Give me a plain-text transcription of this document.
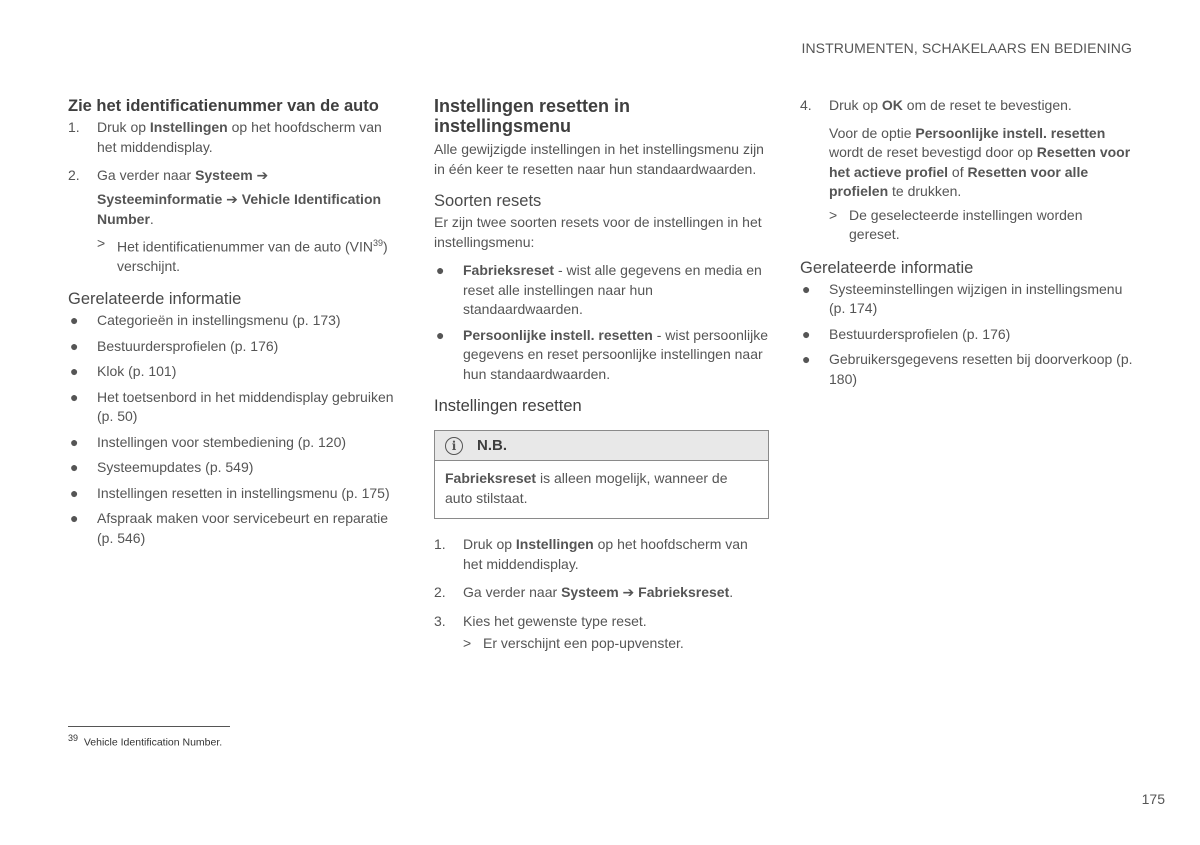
INSTRUMENTEN, SCHAKELAARS EN BEDIENING
Zie het identificatienummer van de auto
1. Druk op Instellingen op het hoofdscherm van het middendisplay.
2. Ga verder naar Systeem ➔
Systeeminformatie ➔ Vehicle Identification Number.
> Het identificatienummer van de auto (VIN$^{39}$) verschijnt.
Gerelateerde informatie
● Categorieën in instellingsmenu (p. 173)
● Bestuurdersprofielen (p. 176)
● Klok (p. 101)
● Het toetsenbord in het middendisplay gebruiken (p. 50)
● Instellingen voor stembediening (p. 120)
● Systeemupdates (p. 549)
● Instellingen resetten in instellingsmenu (p. 175)
● Afspraak maken voor servicebeurt en reparatie (p. 546)
Instellingen resetten in instellingsmenu

Alle gewijzigde instellingen in het instellingsmenu zijn in één keer te resetten naar hun standaardwaarden.

Soorten resets

Er zijn twee soorten resets voor de instellingen in het instellingsmenu:

● Fabrieksreset - wist alle gegevens en media en reset alle instellingen naar hun standaardwaarden.
● Persoonlijke instell. resetten - wist persoonlijke gegevens en reset persoonlijke instellingen naar hun standaardwaarden.
Instellingen resetten
i	N.B.
Fabrieksreset is alleen mogelijk, wanneer de auto stilstaat.
1. Druk op Instellingen op het hoofdscherm van het middendisplay.
2. Ga verder naar Systeem ➔ Fabrieksreset.
3. Kies het gewenste type reset.
> Er verschijnt een pop-upvenster.
4. Druk op OK om de reset te bevestigen.
Voor de optie Persoonlijke instell. resetten wordt de reset bevestigd door op Resetten voor het actieve profiel of Resetten voor alle profielen te drukken.
> De geselecteerde instellingen worden gereset.
Gerelateerde informatie
● Systeeminstellingen wijzigen in instellingsmenu (p. 174)
● Bestuurdersprofielen (p. 176)
● Gebruikersgegevens resetten bij doorverkoop (p. 180)
$^{39}$ Vehicle Identification Number.
175
